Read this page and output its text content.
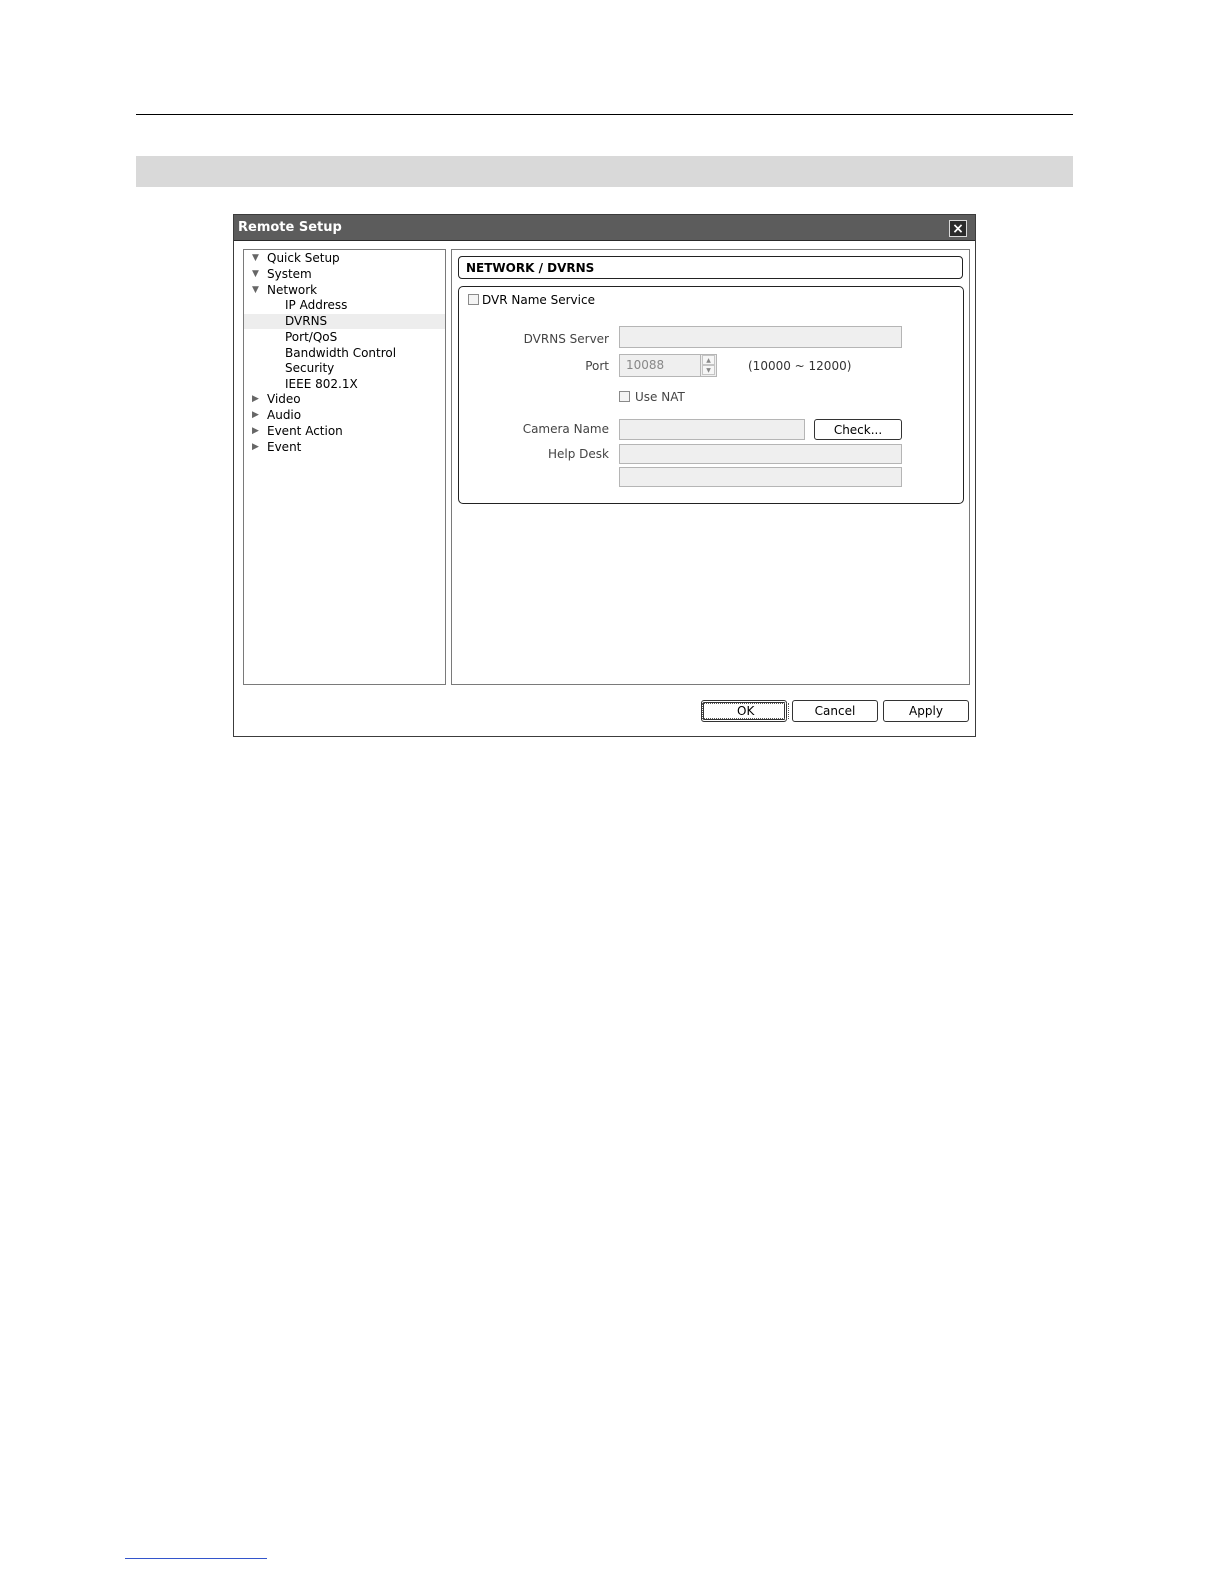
Remote Setup	×
▼ Quick Setup
▼ System
▼ Network
IP Address
DVRNS
Port/QoS
Bandwidth Control
Security
IEEE 802.1X
▶ Video
▶ Audio
▶ Event Action
▶ Event
NETWORK / DVRNS
DVR Name Service
DVRNS Server
Port	10088	▲
▼	(10000 ~ 12000)
Use NAT
Camera Name	Check...
Help Desk
OK	Cancel	Apply
